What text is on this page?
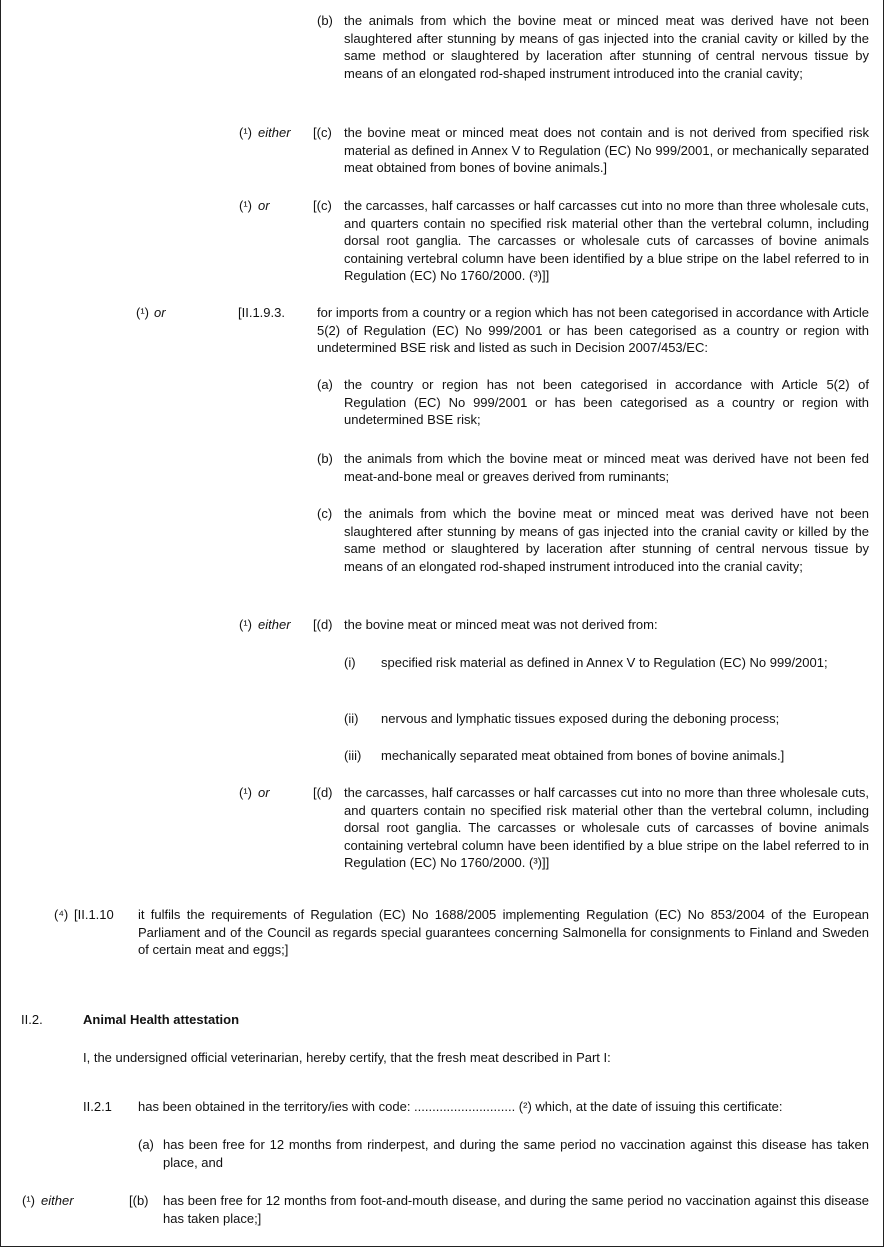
(b) the animals from which the bovine meat or minced meat was derived have not been slaughtered after stunning by means of gas injected into the cranial cavity or killed by the same method or slaughtered by laceration after stunning of central nervous tissue by means of an elongated rod-shaped instrument introduced into the cranial cavity;
(¹) either [(c) the bovine meat or minced meat does not contain and is not derived from specified risk material as defined in Annex V to Regulation (EC) No 999/2001, or mechanically separated meat obtained from bones of bovine animals.]
(¹) or	[(c) the carcasses, half carcasses or half carcasses cut into no more than three wholesale cuts, and quarters contain no specified risk material other than the vertebral column, including dorsal root ganglia. The carcasses or wholesale cuts of carcasses of bovine animals containing vertebral column have been identified by a blue stripe on the label referred to in Regulation (EC) No 1760/2000. (³)]]
(¹) or	[II.1.9.3. for imports from a country or a region which has not been categorised in accordance with Article 5(2) of Regulation (EC) No 999/2001 or has been categorised as a country or region with undetermined BSE risk and listed as such in Decision 2007/453/EC:
(a) the country or region has not been categorised in accordance with Article 5(2) of Regulation (EC) No 999/2001 or has been categorised as a country or region with undetermined BSE risk;
(b) the animals from which the bovine meat or minced meat was derived have not been fed meat-and-bone meal or greaves derived from ruminants;
(c) the animals from which the bovine meat or minced meat was derived have not been slaughtered after stunning by means of gas injected into the cranial cavity or killed by the same method or slaughtered by laceration after stunning of central nervous tissue by means of an elongated rod-shaped instrument introduced into the cranial cavity;
(¹) either [(d) the bovine meat or minced meat was not derived from:
(i) specified risk material as defined in Annex V to Regulation (EC) No 999/2001;
(ii) nervous and lymphatic tissues exposed during the deboning process;
(iii) mechanically separated meat obtained from bones of bovine animals.]
(¹) or	[(d) the carcasses, half carcasses or half carcasses cut into no more than three wholesale cuts, and quarters contain no specified risk material other than the vertebral column, including dorsal root ganglia. The carcasses or wholesale cuts of carcasses of bovine animals containing vertebral column have been identified by a blue stripe on the label referred to in Regulation (EC) No 1760/2000. (³)]]
(⁴) [II.1.10 it fulfils the requirements of Regulation (EC) No 1688/2005 implementing Regulation (EC) No 853/2004 of the European Parliament and of the Council as regards special guarantees concerning Salmonella for consignments to Finland and Sweden of certain meat and eggs;]
II.2.	Animal Health attestation
I, the undersigned official veterinarian, hereby certify, that the fresh meat described in Part I:
II.2.1 has been obtained in the territory/ies with code: ............................ (²) which, at the date of issuing this certificate:
(a) has been free for 12 months from rinderpest, and during the same period no vaccination against this disease has taken place, and
(¹) either	[(b) has been free for 12 months from foot-and-mouth disease, and during the same period no vaccination against this disease has taken place;]
